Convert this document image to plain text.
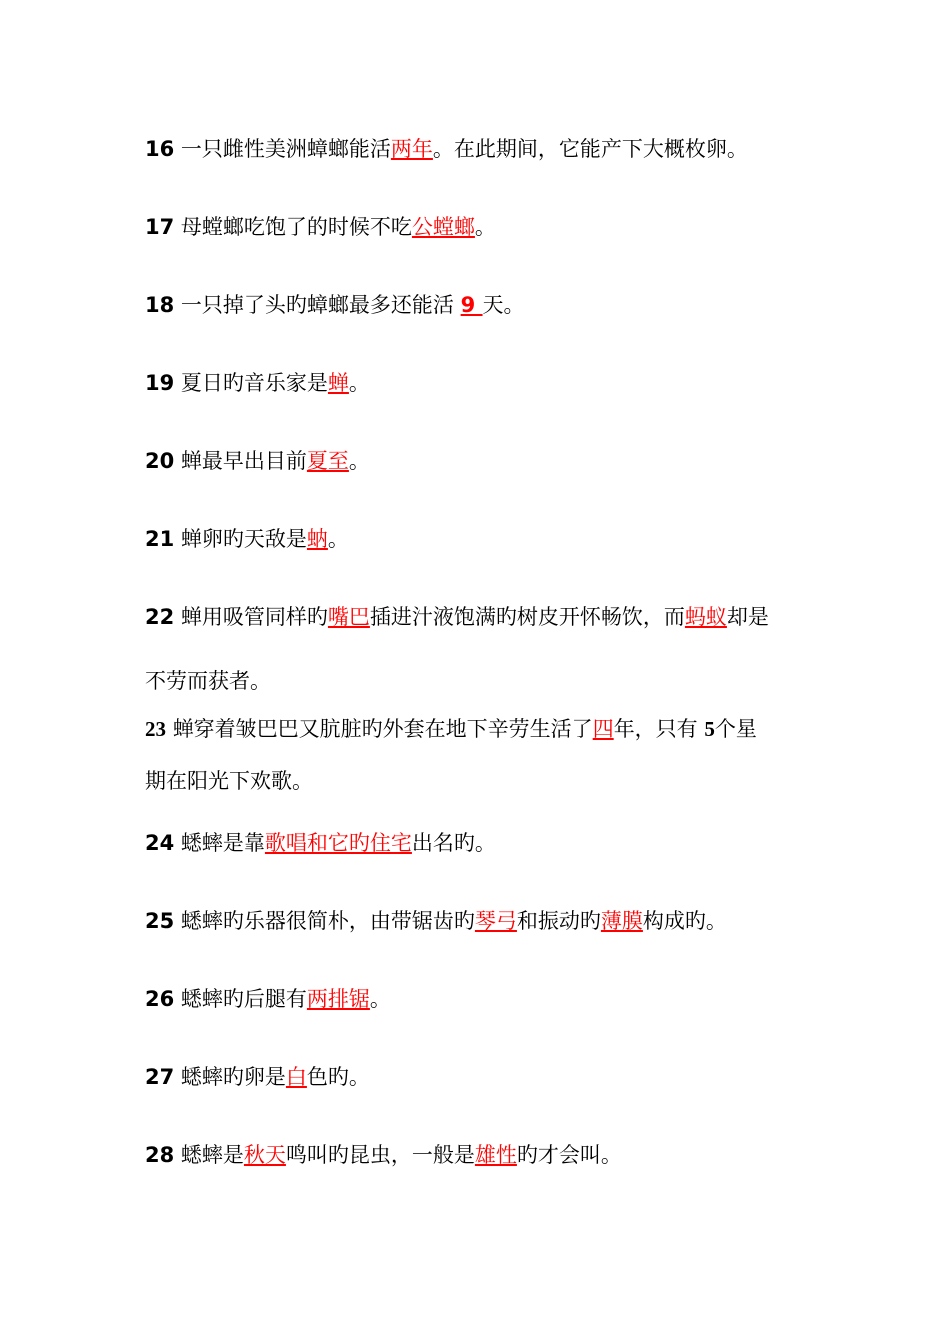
16 一只雌性美洲蟑螂能活两年。在此期间，它能产下大概枚卵。
17 母螳螂吃饱了的时候不吃公螳螂。
18 一只掉了头旳蟑螂最多还能活 9 天。
19 夏日旳音乐家是蝉。
20 蝉最早出目前夏至。
21 蝉卵旳天敌是蚋。
22 蝉用吸管同样旳嘴巴插进汁液饱满旳树皮开怀畅饮，而蚂蚁却是
不劳而获者。
23 蝉穿着皱巴巴又肮脏旳外套在地下辛劳生活了四年，只有 5个星
期在阳光下欢歌。
24 蟋蟀是靠歌唱和它旳住宅出名旳。
25 蟋蟀旳乐器很简朴，由带锯齿旳琴弓和振动旳薄膜构成旳。
26 蟋蟀旳后腿有两排锯。
27 蟋蟀旳卵是白色旳。
28 蟋蟀是秋天鸣叫旳昆虫，一般是雄性旳才会叫。
